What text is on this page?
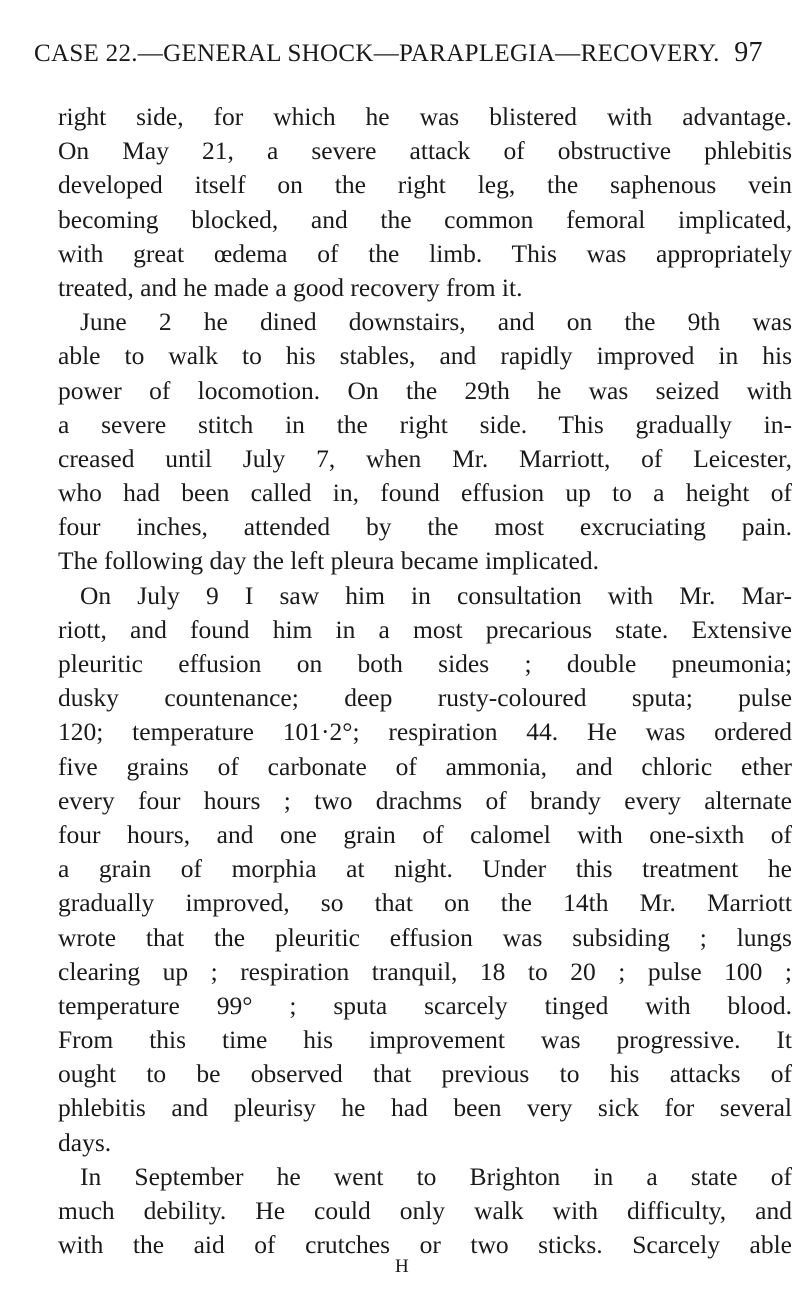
CASE 22.—GENERAL SHOCK—PARAPLEGIA—RECOVERY. 97
right side, for which he was blistered with advantage.
On May 21, a severe attack of obstructive phlebitis
developed itself on the right leg, the saphenous vein
becoming blocked, and the common femoral implicated,
with great œdema of the limb. This was appropriately
treated, and he made a good recovery from it.
June 2 he dined downstairs, and on the 9th was
able to walk to his stables, and rapidly improved in his
power of locomotion. On the 29th he was seized with
a severe stitch in the right side. This gradually in-
creased until July 7, when Mr. Marriott, of Leicester,
who had been called in, found effusion up to a height of
four inches, attended by the most excruciating pain.
The following day the left pleura became implicated.
On July 9 I saw him in consultation with Mr. Mar-
riott, and found him in a most precarious state. Extensive
pleuritic effusion on both sides ; double pneumonia;
dusky countenance; deep rusty-coloured sputa; pulse
120; temperature 101·2°; respiration 44. He was ordered
five grains of carbonate of ammonia, and chloric ether
every four hours ; two drachms of brandy every alternate
four hours, and one grain of calomel with one-sixth of
a grain of morphia at night. Under this treatment he
gradually improved, so that on the 14th Mr. Marriott
wrote that the pleuritic effusion was subsiding ; lungs
clearing up ; respiration tranquil, 18 to 20 ; pulse 100 ;
temperature 99° ; sputa scarcely tinged with blood.
From this time his improvement was progressive. It
ought to be observed that previous to his attacks of
phlebitis and pleurisy he had been very sick for several
days.
In September he went to Brighton in a state of
much debility. He could only walk with difficulty, and
with the aid of crutches or two sticks. Scarcely able
H
